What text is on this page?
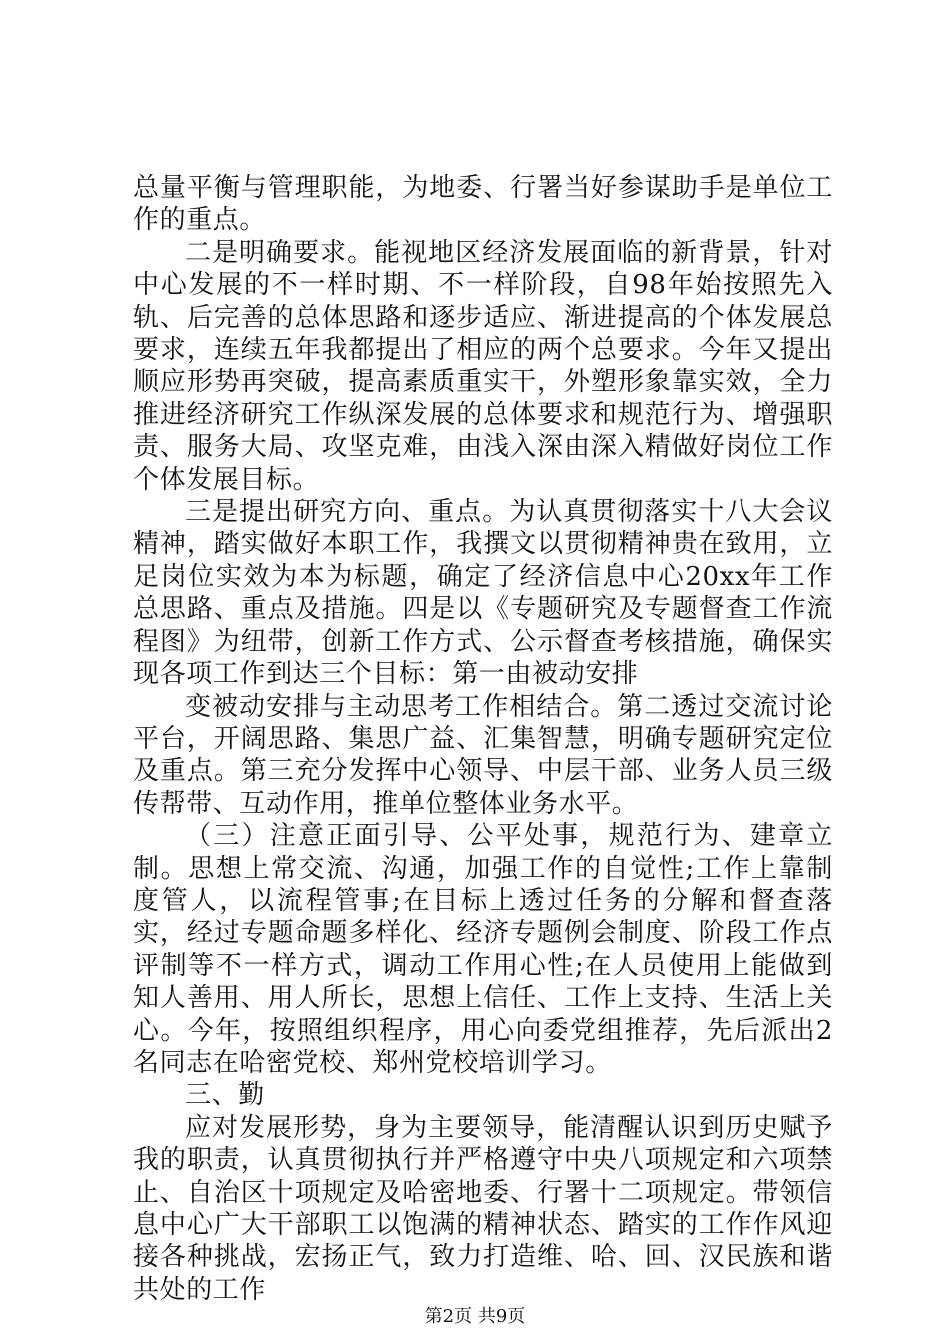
总量平衡与管理职能，为地委、行署当好参谋助手是单位工作的重点。

二是明确要求。能视地区经济发展面临的新背景，针对中心发展的不一样时期、不一样阶段，自98年始按照先入轨、后完善的总体思路和逐步适应、渐进提高的个体发展总要求，连续五年我都提出了相应的两个总要求。今年又提出顺应形势再突破，提高素质重实干，外塑形象靠实效，全力推进经济研究工作纵深发展的总体要求和规范行为、增强职责、服务大局、攻坚克难，由浅入深由深入精做好岗位工作个体发展目标。

三是提出研究方向、重点。为认真贯彻落实十八大会议精神，踏实做好本职工作，我撰文以贯彻精神贵在致用，立足岗位实效为本为标题，确定了经济信息中心20xx年工作总思路、重点及措施。四是以《专题研究及专题督查工作流程图》为纽带，创新工作方式、公示督查考核措施，确保实现各项工作到达三个目标：第一由被动安排

变被动安排与主动思考工作相结合。第二透过交流讨论平台，开阔思路、集思广益、汇集智慧，明确专题研究定位及重点。第三充分发挥中心领导、中层干部、业务人员三级传帮带、互动作用，推单位整体业务水平。

（三）注意正面引导、公平处事，规范行为、建章立制。思想上常交流、沟通，加强工作的自觉性;工作上靠制度管人，以流程管事;在目标上透过任务的分解和督查落实，经过专题命题多样化、经济专题例会制度、阶段工作点评制等不一样方式，调动工作用心性;在人员使用上能做到知人善用、用人所长，思想上信任、工作上支持、生活上关心。今年，按照组织程序，用心向委党组推荐，先后派出2名同志在哈密党校、郑州党校培训学习。

三、勤

应对发展形势，身为主要领导，能清醒认识到历史赋予我的职责，认真贯彻执行并严格遵守中央八项规定和六项禁止、自治区十项规定及哈密地委、行署十二项规定。带领信息中心广大干部职工以饱满的精神状态、踏实的工作作风迎接各种挑战，宏扬正气，致力打造维、哈、回、汉民族和谐共处的工作

第2页 共9页
